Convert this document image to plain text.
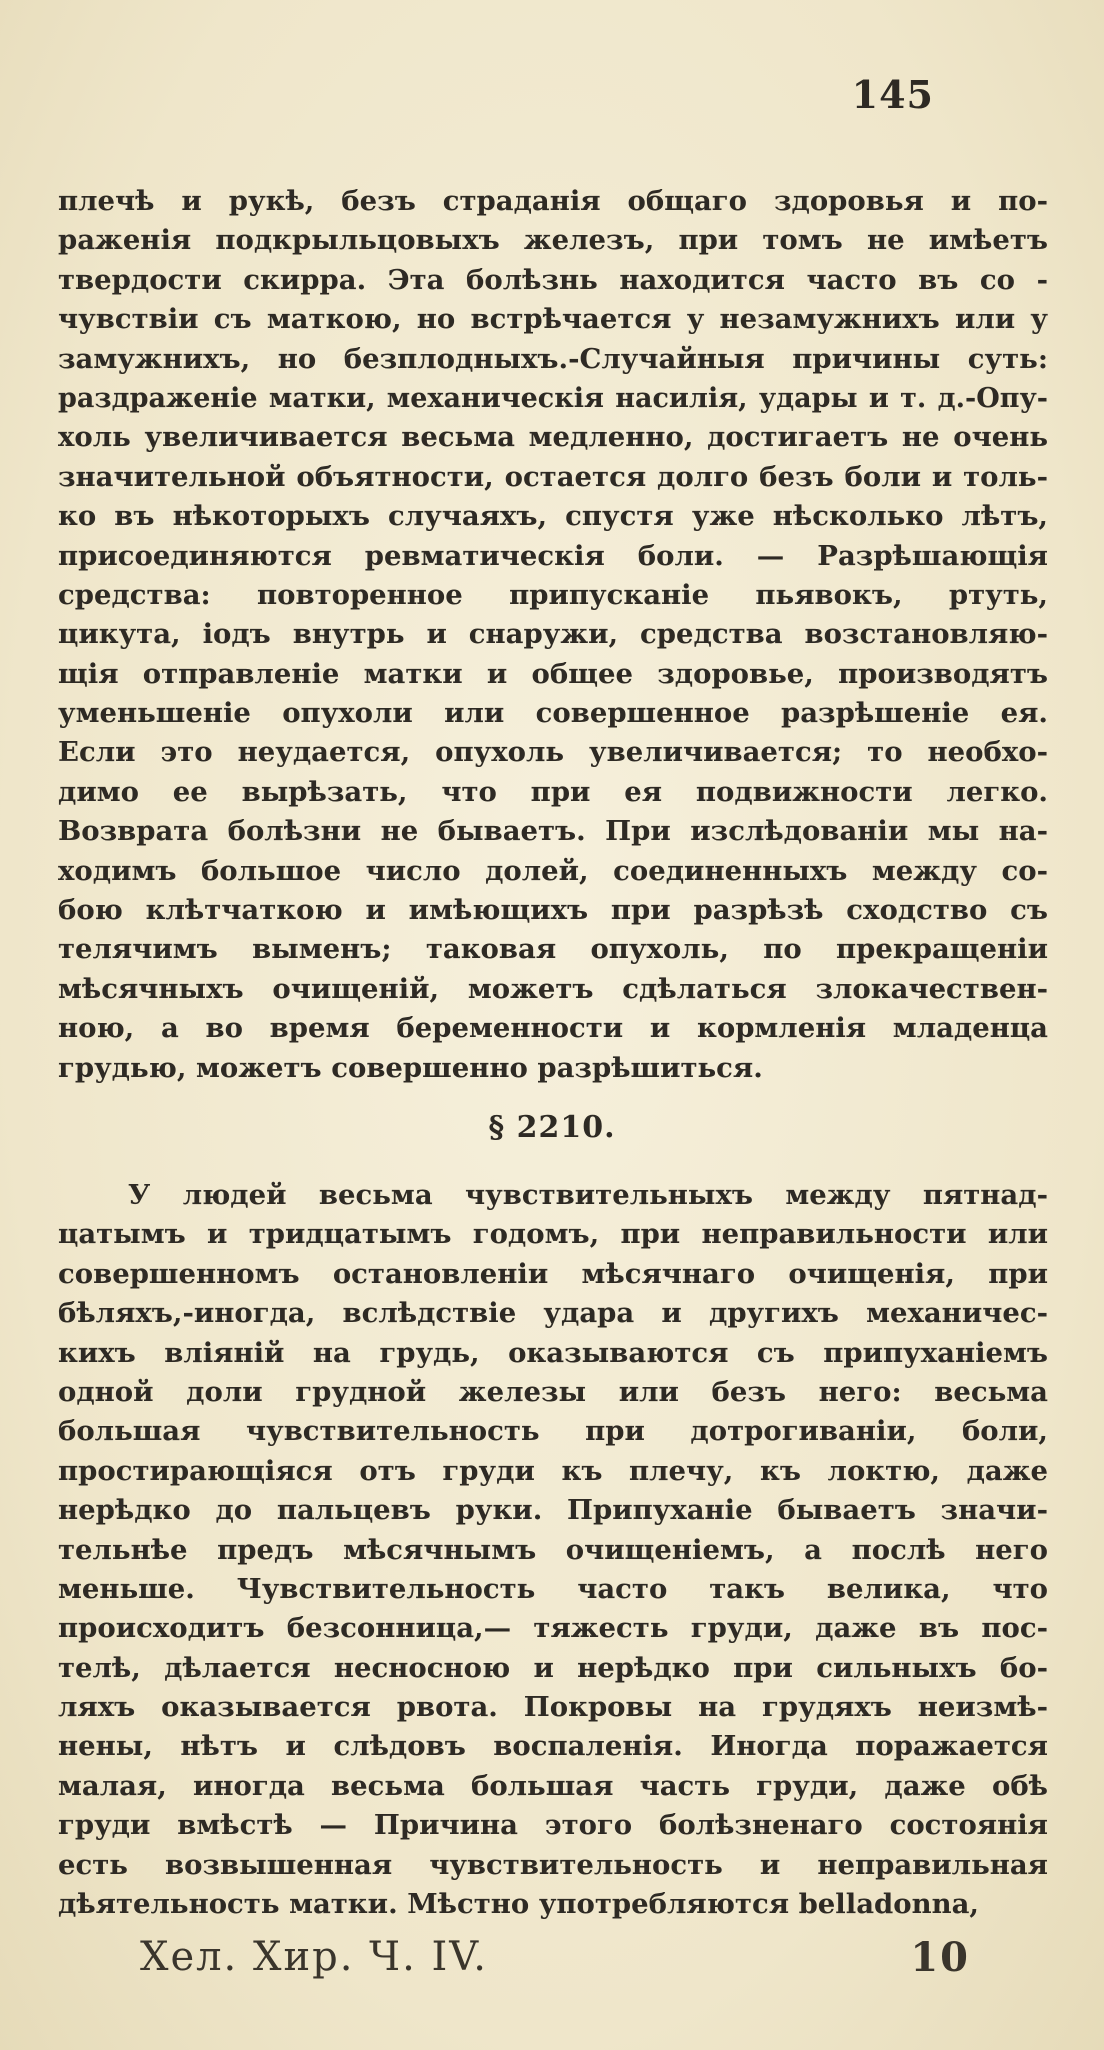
145
плечѣ и рукѣ, безъ страданія общаго здоровья и по-
раженія подкрыльцовыхъ железъ, при томъ не имѣетъ
твердости скирра. Эта болѣзнь находится часто въ со -
чувствіи съ маткою, но встрѣчается у незамужнихъ или у
замужнихъ, но безплодныхъ.-Случайныя причины суть:
раздраженіе матки, механическія насилія, удары и т. д.-Опу-
холь увеличивается весьма медленно, достигаетъ не очень
значительной объятности, остается долго безъ боли и толь-
ко въ нѣкоторыхъ случаяхъ, спустя уже нѣсколько лѣтъ,
присоединяются ревматическія боли. — Разрѣшающія
средства: повторенное припусканіе пьявокъ, ртуть,
цикута, іодъ внутрь и снаружи, средства возстановляю-
щія отправленіе матки и общее здоровье, производятъ
уменьшеніе опухоли или совершенное разрѣшеніе ея.
Если это неудается, опухоль увеличивается; то необхо-
димо ее вырѣзать, что при ея подвижности легко.
Возврата болѣзни не бываетъ. При изслѣдованіи мы на-
ходимъ большое число долей, соединенныхъ между со-
бою клѣтчаткою и имѣющихъ при разрѣзѣ сходство съ
телячимъ выменъ; таковая опухоль, по прекращеніи
мѣсячныхъ очищеній, можетъ сдѣлаться злокачествен-
ною, а во время беременности и кормленія младенца
грудью, можетъ совершенно разрѣшиться.
§ 2210.
У людей весьма чувствительныхъ между пятнад-
цатымъ и тридцатымъ годомъ, при неправильности или
совершенномъ остановленіи мѣсячнаго очищенія, при
бѣляхъ,-иногда, вслѣдствіе удара и другихъ механичес-
кихъ вліяній на грудь, оказываются съ припуханіемъ
одной доли грудной железы или безъ него: весьма
большая чувствительность при дотрогиваніи, боли,
простирающіяся отъ груди къ плечу, къ локтю, даже
нерѣдко до пальцевъ руки. Припуханіе бываетъ значи-
тельнѣе предъ мѣсячнымъ очищеніемъ, а послѣ него
меньше. Чувствительность часто такъ велика, что
происходитъ безсонница,— тяжесть груди, даже въ пос-
телѣ, дѣлается несносною и нерѣдко при сильныхъ бо-
ляхъ оказывается рвота. Покровы на грудяхъ неизмѣ-
нены, нѣтъ и слѣдовъ воспаленія. Иногда поражается
малая, иногда весьма большая часть груди, даже обѣ
груди вмѣстѣ — Причина этого болѣзненаго состоянія
есть возвышенная чувствительность и неправильная
дѣятельность матки. Мѣстно употребляются belladonna,
Хел. Хир. Ч. IV.	10
